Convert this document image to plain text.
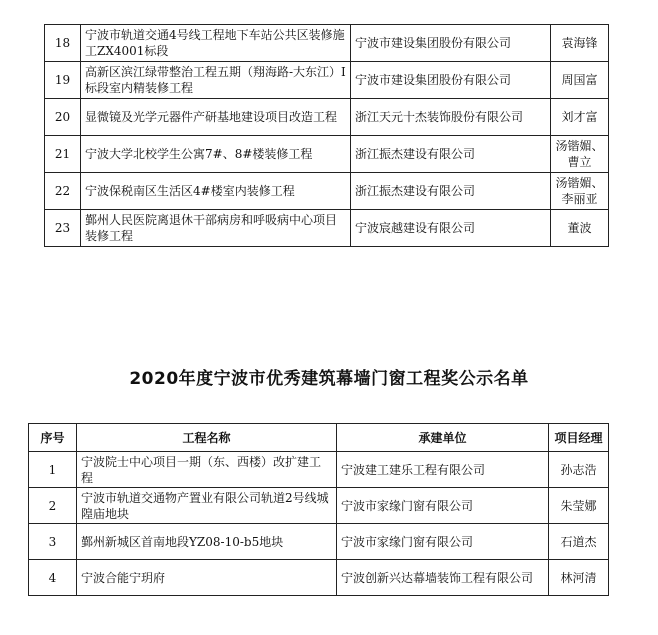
18	宁波市轨道交通4号线工程地下车站公共区装修施工ZX4001标段	宁波市建设集团股份有限公司	袁海锋
19	高新区滨江绿带整治工程五期（翔海路-大东江）I标段室内精装修工程	宁波市建设集团股份有限公司	周国富
20	显微镜及光学元器件产研基地建设项目改造工程	浙江天元十杰装饰股份有限公司	刘才富
21	宁波大学北校学生公寓7#、8#楼装修工程	浙江振杰建设有限公司	汤锴媚、曹立
22	宁波保税南区生活区4#楼室内装修工程	浙江振杰建设有限公司	汤锴媚、李丽亚
23	鄞州人民医院离退休干部病房和呼吸病中心项目装修工程	宁波宸越建设有限公司	董波
2020年度宁波市优秀建筑幕墙门窗工程奖公示名单
序号	工程名称	承建单位	项目经理
1	宁波院士中心项目一期（东、西楼）改扩建工程	宁波建工建乐工程有限公司	孙志浩
2	宁波市轨道交通物产置业有限公司轨道2号线城隍庙地块	宁波市家缘门窗有限公司	朱莹娜
3	鄞州新城区首南地段YZ08-10-b5地块	宁波市家缘门窗有限公司	石道杰
4	宁波合能宁玥府	宁波创新兴达幕墙装饰工程有限公司	林河清
